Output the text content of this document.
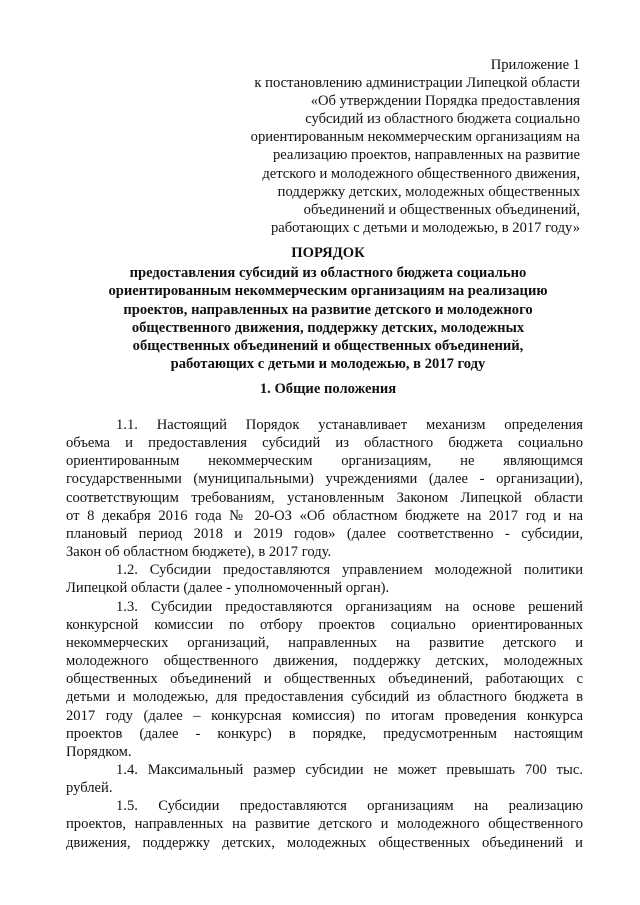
Приложение 1
к постановлению администрации Липецкой области
«Об утверждении Порядка предоставления
субсидий из областного бюджета социально
ориентированным некоммерческим организациям на
реализацию проектов, направленных на развитие
детского и молодежного общественного движения,
поддержку детских, молодежных общественных
объединений и общественных объединений,
работающих с детьми и молодежью, в 2017 году»
ПОРЯДОК
предоставления субсидий из областного бюджета социально
ориентированным некоммерческим организациям на реализацию
проектов, направленных на развитие детского и молодежного
общественного движения, поддержку детских, молодежных
общественных объединений и общественных объединений,
работающих с детьми и молодежью, в 2017 году
1. Общие положения
1.1. Настоящий Порядок устанавливает механизм определения
объема и предоставления субсидий из областного бюджета социально
ориентированным некоммерческим организациям, не являющимся
государственными (муниципальными) учреждениями (далее - организации),
соответствующим требованиям, установленным Законом Липецкой области
от 8 декабря 2016 года № 20-ОЗ «Об областном бюджете на 2017 год и на
плановый период 2018 и 2019 годов» (далее соответственно - субсидии,
Закон об областном бюджете), в 2017 году.
1.2. Субсидии предоставляются управлением молодежной политики
Липецкой области (далее - уполномоченный орган).
1.3. Субсидии предоставляются организациям на основе решений
конкурсной комиссии по отбору проектов социально ориентированных
некоммерческих организаций, направленных на развитие детского и
молодежного общественного движения, поддержку детских, молодежных
общественных объединений и общественных объединений, работающих с
детьми и молодежью, для предоставления субсидий из областного бюджета в
2017 году (далее – конкурсная комиссия) по итогам проведения конкурса
проектов (далее - конкурс) в порядке, предусмотренным настоящим
Порядком.
1.4. Максимальный размер субсидии не может превышать 700 тыс.
рублей.
1.5. Субсидии предоставляются организациям на реализацию
проектов, направленных на развитие детского и молодежного общественного
движения, поддержку детских, молодежных общественных объединений и
